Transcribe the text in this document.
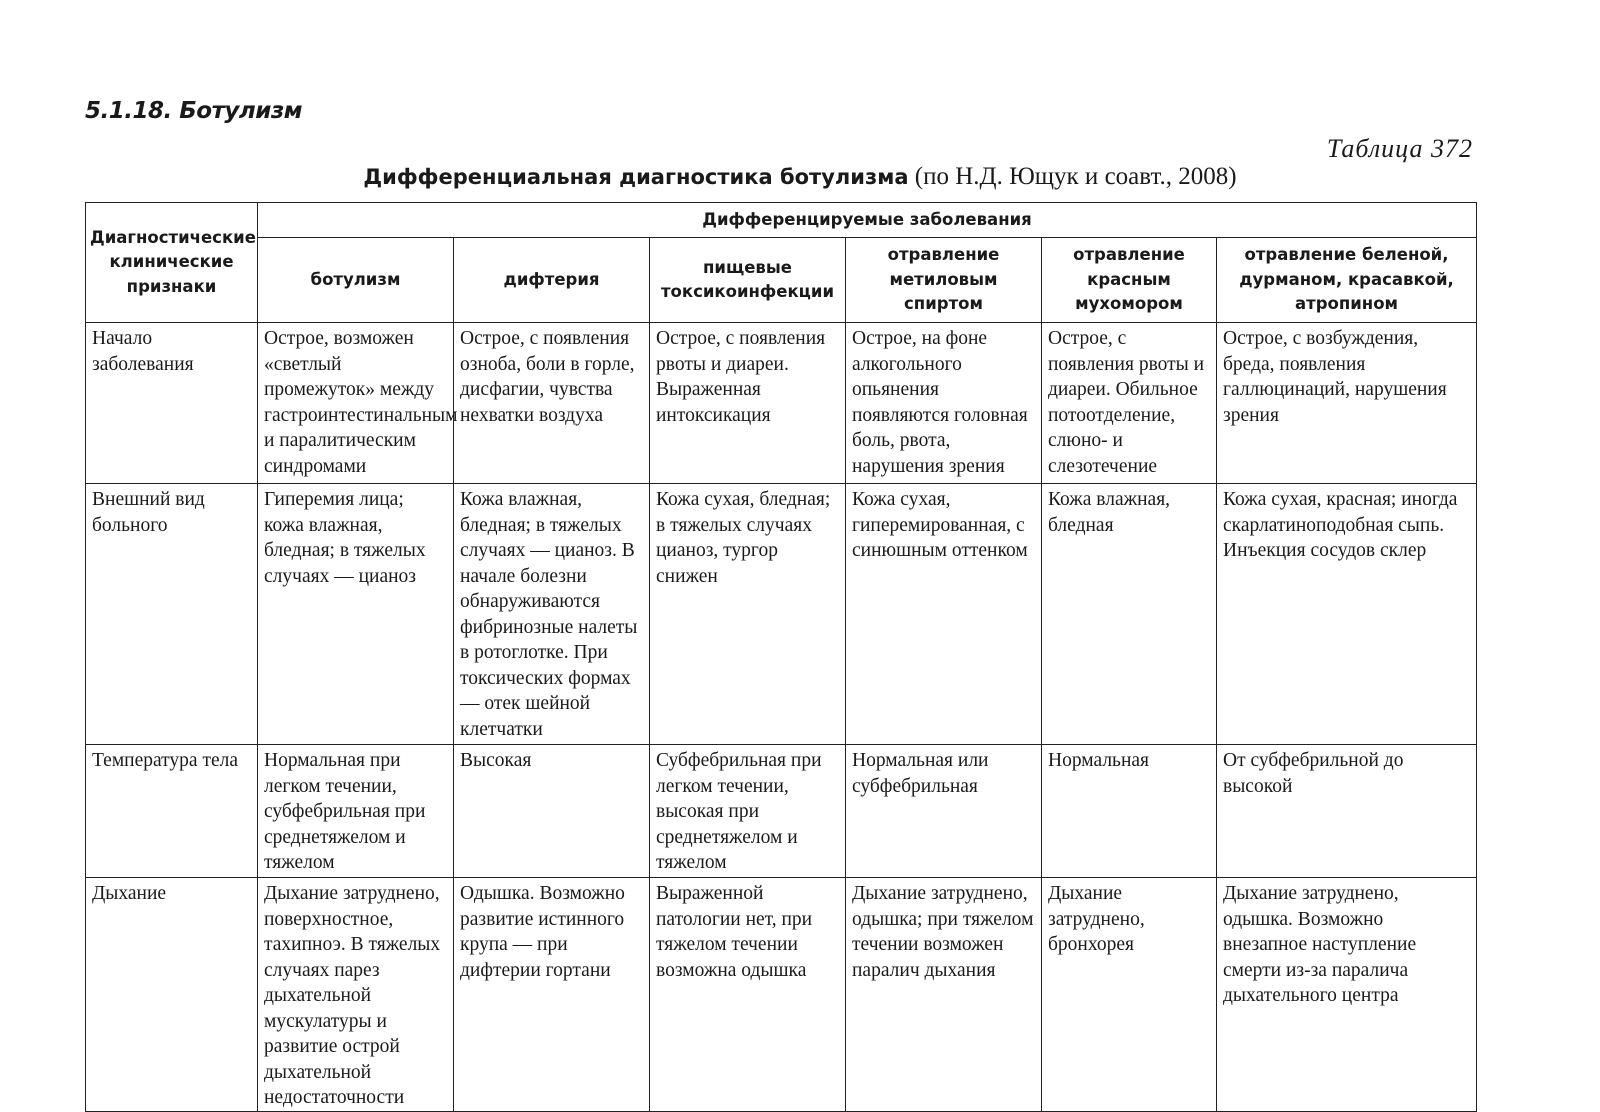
5.1.18. Ботулизм
Таблица 372
Дифференциальная диагностика ботулизма (по Н.Д. Ющук и соавт., 2008)
Диагностические клинические признаки	Дифференцируемые заболевания					
	ботулизм	дифтерия	пищевые токсикоинфекции	отравление метиловым спиртом	отравление красным мухомором	отравление беленой, дурманом, красавкой, атропином
Начало заболевания	Острое, возможен «светлый промежуток» между гастроинтестинальным и паралитическим синдромами	Острое, с появления озноба, боли в горле, дисфагии, чувства нехватки воздуха	Острое, с появления рвоты и диареи. Выраженная интоксикация	Острое, на фоне алкогольного опьянения появляются головная боль, рвота, нарушения зрения	Острое, с появления рвоты и диареи. Обильное потоотделение, слюно- и слезотечение	Острое, с возбуждения, бреда, появления галлюцинаций, нарушения зрения
Внешний вид больного	Гиперемия лица; кожа влажная, бледная; в тяжелых случаях — цианоз	Кожа влажная, бледная; в тяжелых случаях — цианоз. В начале болезни обнаруживаются фибринозные налеты в ротоглотке. При токсических формах — отек шейной клетчатки	Кожа сухая, бледная; в тяжелых случаях цианоз, тургор снижен	Кожа сухая, гиперемированная, с синюшным оттенком	Кожа влажная, бледная	Кожа сухая, красная; иногда скарлатиноподобная сыпь. Инъекция сосудов склер
Температура тела	Нормальная при легком течении, субфебрильная при среднетяжелом и тяжелом	Высокая	Субфебрильная при легком течении, высокая при среднетяжелом и тяжелом	Нормальная или субфебрильная	Нормальная	От субфебрильной до высокой
Дыхание	Дыхание затруднено, поверхностное, тахипноэ. В тяжелых случаях парез дыхательной мускулатуры и развитие острой дыхательной недостаточности	Одышка. Возможно развитие истинного крупа — при дифтерии гортани	Выраженной патологии нет, при тяжелом течении возможна одышка	Дыхание затруднено, одышка; при тяжелом течении возможен паралич дыхания	Дыхание затруднено, бронхорея	Дыхание затруднено, одышка. Возможно внезапное наступление смерти из-за паралича дыхательного центра
